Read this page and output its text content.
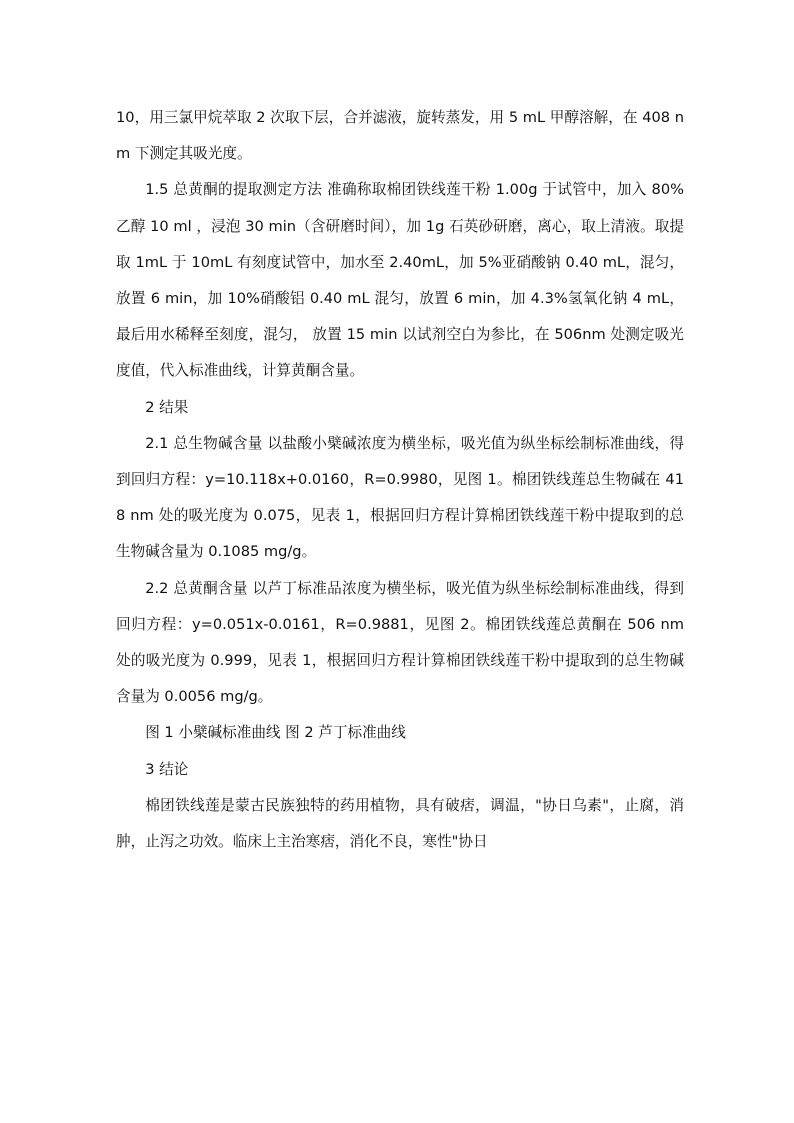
10，用三氯甲烷萃取 2 次取下层，合并滤液，旋转蒸发，用 5 mL 甲醇溶解，在 408 nm 下测定其吸光度。

1.5 总黄酮的提取测定方法 准确称取棉团铁线莲干粉 1.00g 于试管中，加入 80%乙醇 10 ml ，浸泡 30 min（含研磨时间），加 1g 石英砂研磨，离心，取上清液。取提取 1mL 于 10mL 有刻度试管中，加水至 2.40mL，加 5%亚硝酸钠 0.40 mL，混匀，放置 6 min，加 10%硝酸铝 0.40 mL 混匀，放置 6 min，加 4.3%氢氧化钠 4 mL，最后用水稀释至刻度，混匀， 放置 15 min 以试剂空白为参比，在 506nm 处测定吸光度值，代入标准曲线，计算黄酮含量。

2 结果

2.1 总生物碱含量 以盐酸小檗碱浓度为横坐标，吸光值为纵坐标绘制标准曲线，得到回归方程：y=10.118x+0.0160，R=0.9980，见图 1。棉团铁线莲总生物碱在 418 nm 处的吸光度为 0.075，见表 1，根据回归方程计算棉团铁线莲干粉中提取到的总生物碱含量为 0.1085 mg/g。

2.2 总黄酮含量 以芦丁标准品浓度为横坐标，吸光值为纵坐标绘制标准曲线，得到回归方程：y=0.051x-0.0161，R=0.9881，见图 2。棉团铁线莲总黄酮在 506 nm 处的吸光度为 0.999，见表 1，根据回归方程计算棉团铁线莲干粉中提取到的总生物碱含量为 0.0056 mg/g。

图 1 小檗碱标准曲线 图 2 芦丁标准曲线

3 结论

棉团铁线莲是蒙古民族独特的药用植物，具有破痞，调温，"协日乌素"，止腐，消肿，止泻之功效。临床上主治寒痞，消化不良，寒性"协日
